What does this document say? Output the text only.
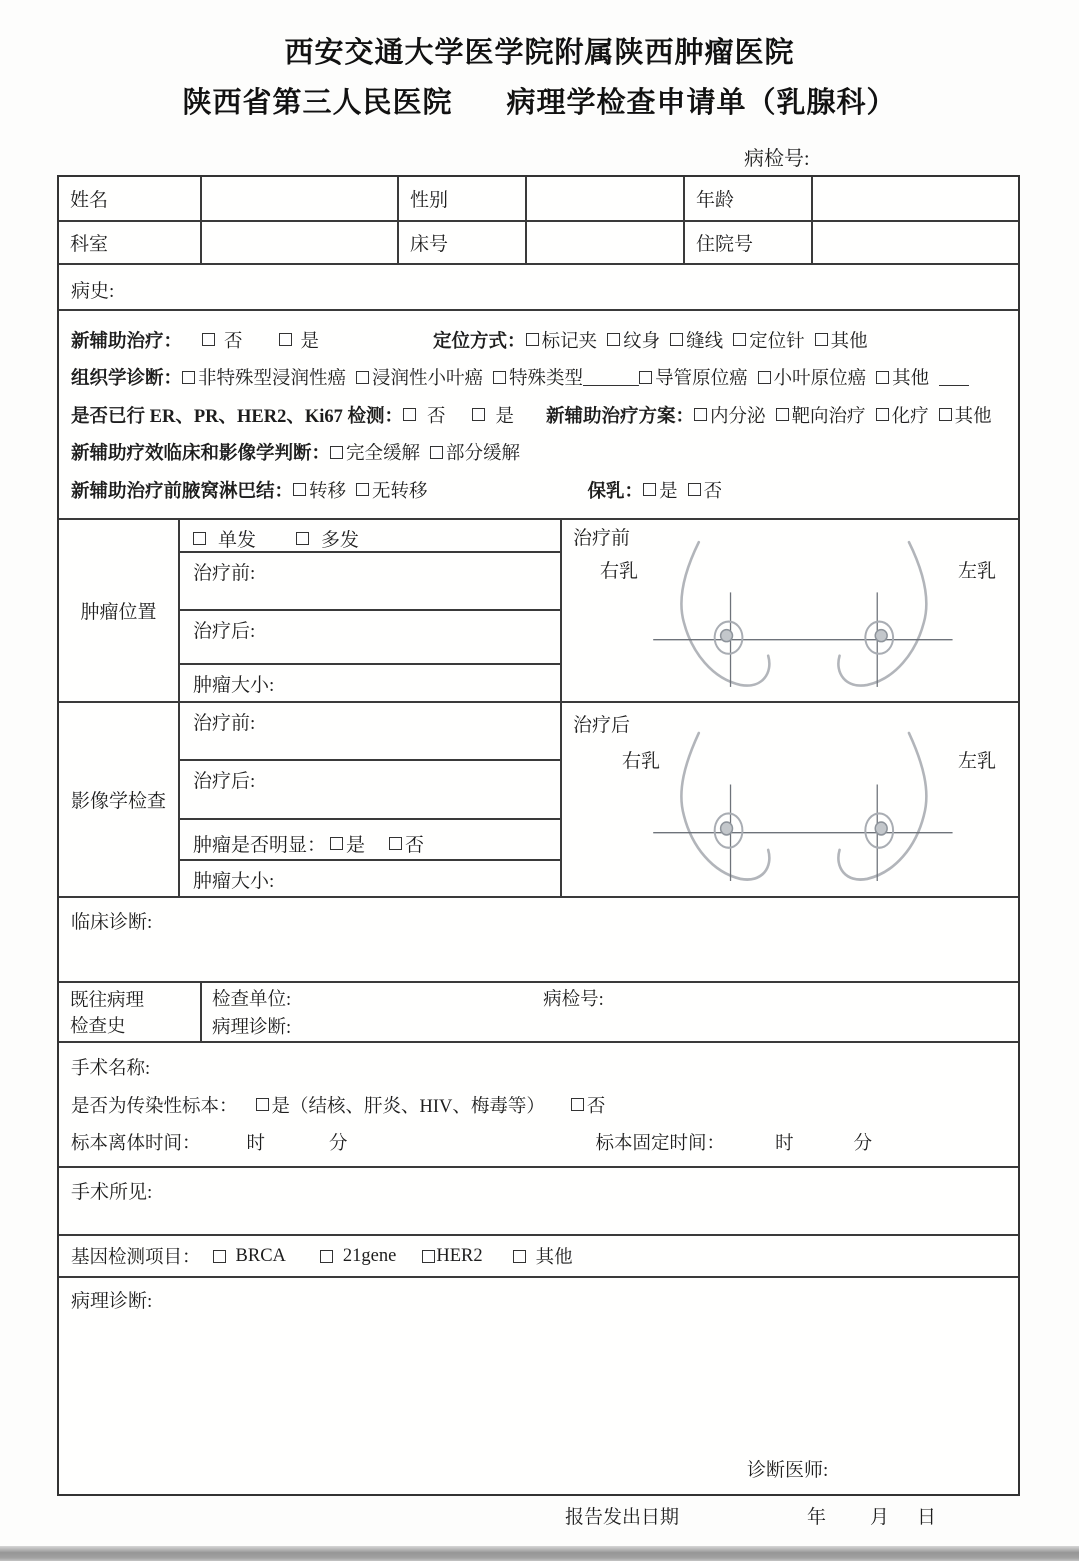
西安交通大学医学院附属陕西肿瘤医院
陕西省第三人民医院 病理学检查申请单（乳腺科）
病检号:
姓名	性别	年龄
科室	床号	住院号
病史:
新辅助治疗： 否	是	定位方式： 标记夹 纹身 缝线 定位针 其他
组织学诊断： 非特殊型浸润性癌 浸润性小叶癌 特殊类型	导管原位癌 小叶原位癌 其他
是否已行 ER、PR、HER2、Ki67 检测： 否	是 新辅助治疗方案： 内分泌 靶向治疗 化疗 其他
新辅助疗效临床和影像学判断： 完全缓解 部分缓解
新辅助治疗前腋窝淋巴结： 转移 无转移	保乳： 是 否
肿瘤位置
单发	多发
治疗前:
治疗后:
肿瘤大小:
治疗前
右乳	左乳
影像学检查
治疗前:
治疗后:
肿瘤是否明显： 是 否
肿瘤大小:
治疗后
右乳	左乳
临床诊断:
既往病理
检查史
检查单位:	病检号:
病理诊断:
手术名称:
是否为传染性标本： 是（结核、肝炎、HIV、梅毒等） 否
标本离体时间： 时	分	标本固定时间：	时	分
手术所见:
基因检测项目： BRCA	21gene HER2	其他
病理诊断:
诊断医师:
报告发出日期	年 月 日
